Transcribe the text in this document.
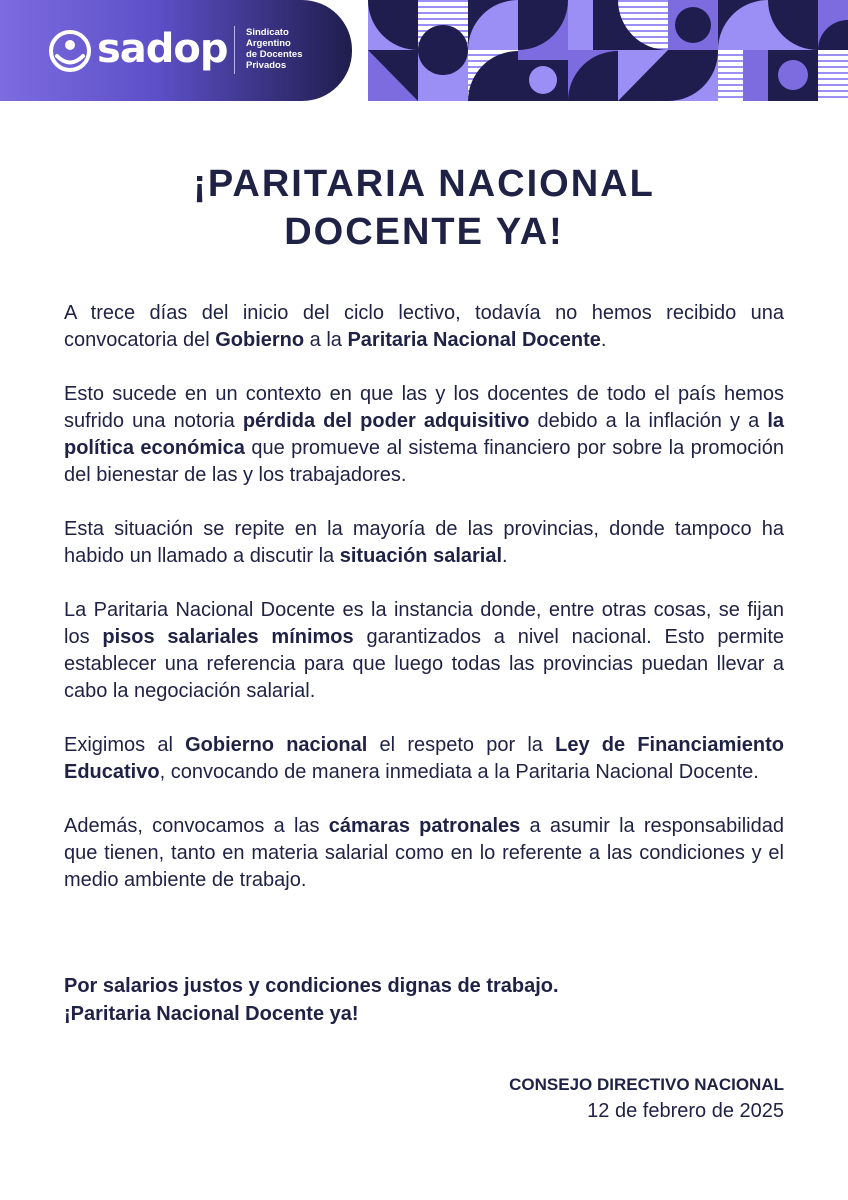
sadop Sindicato
Argentino
de Docentes
Privados
¡PARITARIA NACIONAL
DOCENTE YA!

A trece días del inicio del ciclo lectivo, todavía no hemos recibido una convocatoria del Gobierno a la Paritaria Nacional Docente.

Esto sucede en un contexto en que las y los docentes de todo el país hemos sufrido una notoria pérdida del poder adquisitivo debido a la inflación y a la política económica que promueve al sistema financiero por sobre la promoción del bienestar de las y los trabajadores.

Esta situación se repite en la mayoría de las provincias, donde tampoco ha habido un llamado a discutir la situación salarial.

La Paritaria Nacional Docente es la instancia donde, entre otras cosas, se fijan los pisos salariales mínimos garantizados a nivel nacional. Esto permite establecer una referencia para que luego todas las provincias puedan llevar a cabo la negociación salarial.

Exigimos al Gobierno nacional el respeto por la Ley de Financiamiento Educativo, convocando de manera inmediata a la Paritaria Nacional Docente.

Además, convocamos a las cámaras patronales a asumir la responsabilidad que tienen, tanto en materia salarial como en lo referente a las condiciones y el medio ambiente de trabajo.

Por salarios justos y condiciones dignas de trabajo.
¡Paritaria Nacional Docente ya!
CONSEJO DIRECTIVO NACIONAL
12 de febrero de 2025
